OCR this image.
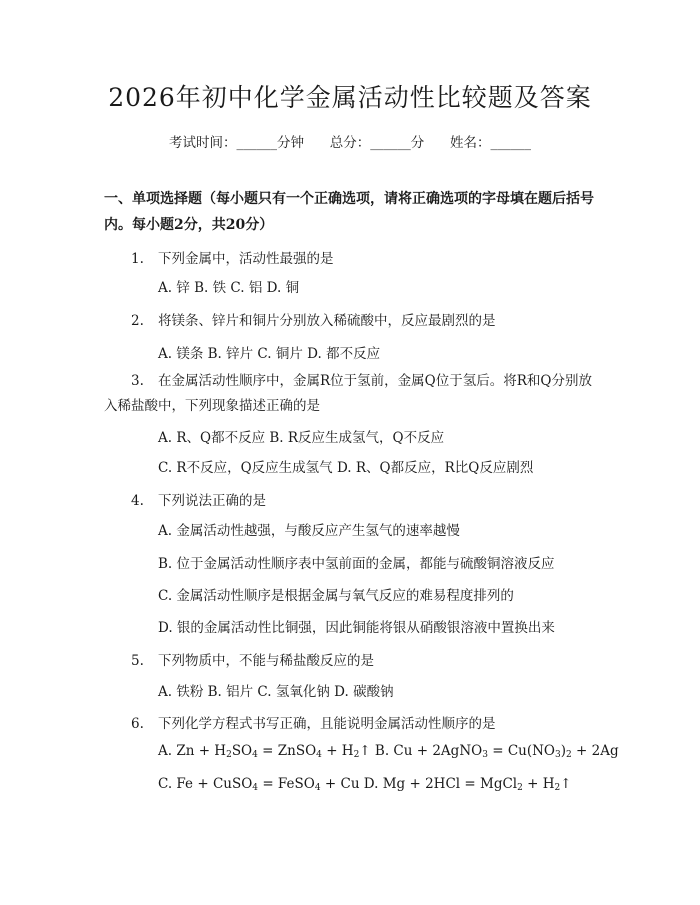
2026年初中化学金属活动性比较题及答案
考试时间：______分钟      总分：______分      姓名：______
一、单项选择题（每小题只有一个正确选项，请将正确选项的字母填在题后括号内。每小题2分，共20分）
1. 下列金属中，活动性最强的是
A. 锌 B. 铁 C. 铝 D. 铜
2. 将镁条、锌片和铜片分别放入稀硫酸中，反应最剧烈的是
A. 镁条 B. 锌片 C. 铜片 D. 都不反应
3. 在金属活动性顺序中，金属R位于氢前，金属Q位于氢后。将R和Q分别放入稀盐酸中，下列现象描述正确的是
A. R、Q都不反应 B. R反应生成氢气，Q不反应
C. R不反应，Q反应生成氢气 D. R、Q都反应，R比Q反应剧烈
4. 下列说法正确的是
A. 金属活动性越强，与酸反应产生氢气的速率越慢
B. 位于金属活动性顺序表中氢前面的金属，都能与硫酸铜溶液反应
C. 金属活动性顺序是根据金属与氧气反应的难易程度排列的
D. 银的金属活动性比铜强，因此铜能将银从硝酸银溶液中置换出来
5. 下列物质中，不能与稀盐酸反应的是
A. 铁粉 B. 铝片 C. 氢氧化钠 D. 碳酸钠
6. 下列化学方程式书写正确，且能说明金属活动性顺序的是
A. $Zn + H_2SO_4$ = ZnSO$_4$ + $H_2↑$ B. Cu + 2AgNO$_3$ = $Cu(NO_3)_2 + 2Ag$
C. Fe + CuSO$_4$ = FeSO$_4$ + Cu D. Mg + 2HCl = MgCl$_2$ + $H_2↑$
